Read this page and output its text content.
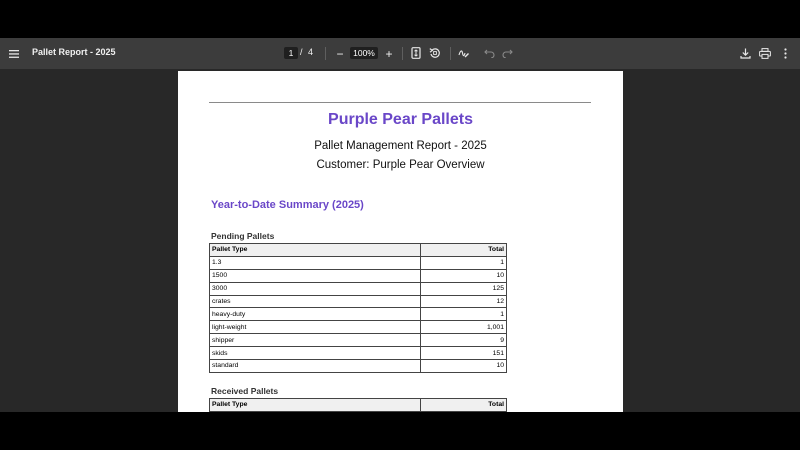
Pallet Report - 2025	1 / 4 −	100% +
Purple Pear Pallets
Pallet Management Report - 2025
Customer: Purple Pear Overview
Year-to-Date Summary (2025)
Pending Pallets
Pallet Type	Total
1.3	1
1500	10
3000	125
crates	12
heavy-duty	1
light-weight	1,001
shipper	9
skids	151
standard	10
Received Pallets
Pallet Type	Total
